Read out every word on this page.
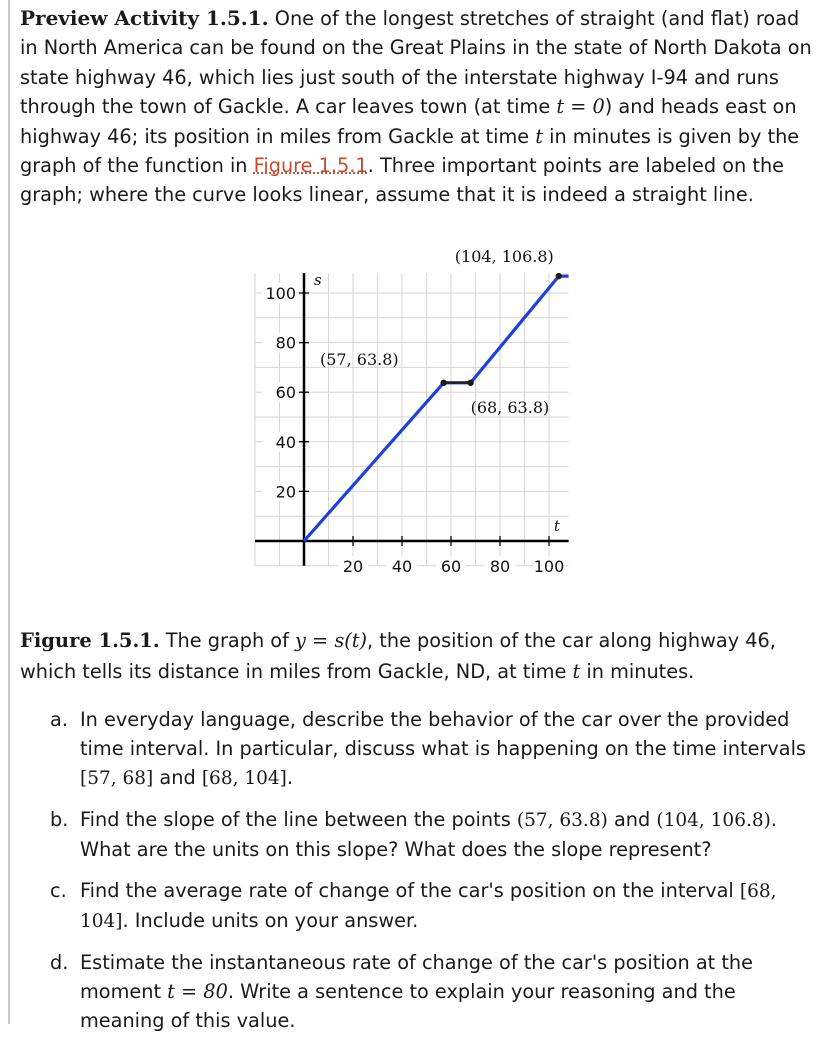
Preview Activity 1.5.1. One of the longest stretches of straight (and flat) road in North America can be found on the Great Plains in the state of North Dakota on state highway 46, which lies just south of the interstate highway I-94 and runs through the town of Gackle. A car leaves town (at time t = 0) and heads east on highway 46; its position in miles from Gackle at time t in minutes is given by the graph of the function in Figure 1.5.1. Three important points are labeled on the graph; where the curve looks linear, assume that it is indeed a straight line.

20 40 60 80 100
20
40
60
80
100
s
t
(57, 63.8)
(68, 63.8)
(104, 106.8)
Figure 1.5.1. The graph of y = s(t), the position of the car along highway 46, which tells its distance in miles from Gackle, ND, at time t in minutes.
a. In everyday language, describe the behavior of the car over the provided time interval. In particular, discuss what is happening on the time intervals [57, 68] and [68, 104].
b. Find the slope of the line between the points (57, 63.8) and (104, 106.8). What are the units on this slope? What does the slope represent?
c. Find the average rate of change of the car's position on the interval [68, 104]. Include units on your answer.
d. Estimate the instantaneous rate of change of the car's position at the moment t = 80. Write a sentence to explain your reasoning and the meaning of this value.
